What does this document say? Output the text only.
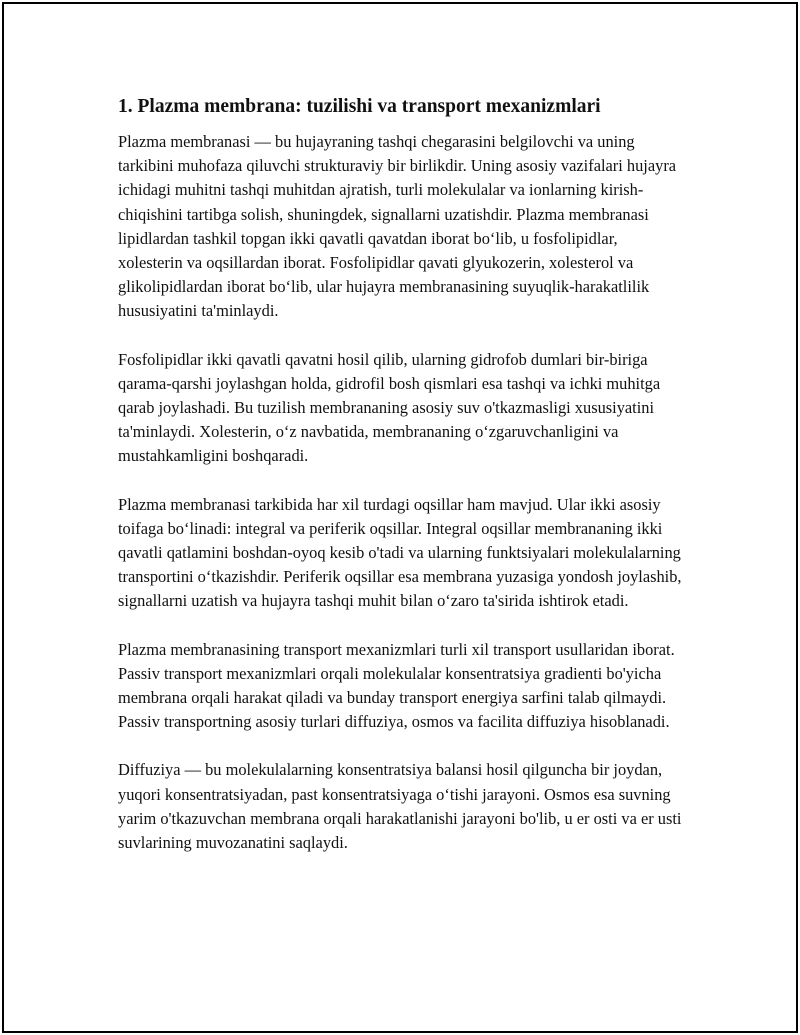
1. Plazma membrana: tuzilishi va transport mexanizmlari

Plazma membranasi — bu hujayraning tashqi chegarasini belgilovchi va uning tarkibini muhofaza qiluvchi strukturaviy bir birlikdir. Uning asosiy vazifalari hujayra ichidagi muhitni tashqi muhitdan ajratish, turli molekulalar va ionlarning kirish-chiqishini tartibga solish, shuningdek, signallarni uzatishdir. Plazma membranasi lipidlardan tashkil topgan ikki qavatli qavatdan iborat bo‘lib, u fosfolipidlar, xolesterin va oqsillardan iborat. Fosfolipidlar qavati glyukozerin, xolesterol va glikolipidlardan iborat bo‘lib, ular hujayra membranasining suyuqlik-harakatlilik hususiyatini ta'minlaydi.

Fosfolipidlar ikki qavatli qavatni hosil qilib, ularning gidrofob dumlari bir-biriga qarama-qarshi joylashgan holda, gidrofil bosh qismlari esa tashqi va ichki muhitga qarab joylashadi. Bu tuzilish membrananing asosiy suv o'tkazmasligi xususiyatini ta'minlaydi. Xolesterin, o‘z navbatida, membrananing o‘zgaruvchanligini va mustahkamligini boshqaradi.

Plazma membranasi tarkibida har xil turdagi oqsillar ham mavjud. Ular ikki asosiy toifaga bo‘linadi: integral va periferik oqsillar. Integral oqsillar membrananing ikki qavatli qatlamini boshdan-oyoq kesib o'tadi va ularning funktsiyalari molekulalarning transportini o‘tkazishdir. Periferik oqsillar esa membrana yuzasiga yondosh joylashib, signallarni uzatish va hujayra tashqi muhit bilan o‘zaro ta'sirida ishtirok etadi.

Plazma membranasining transport mexanizmlari turli xil transport usullaridan iborat. Passiv transport mexanizmlari orqali molekulalar konsentratsiya gradienti bo'yicha membrana orqali harakat qiladi va bunday transport energiya sarfini talab qilmaydi. Passiv transportning asosiy turlari diffuziya, osmos va facilita diffuziya hisoblanadi.

Diffuziya — bu molekulalarning konsentratsiya balansi hosil qilguncha bir joydan, yuqori konsentratsiyadan, past konsentratsiyaga o‘tishi jarayoni. Osmos esa suvning yarim o'tkazuvchan membrana orqali harakatlanishi jarayoni bo'lib, u er osti va er usti suvlarining muvozanatini saqlaydi.
